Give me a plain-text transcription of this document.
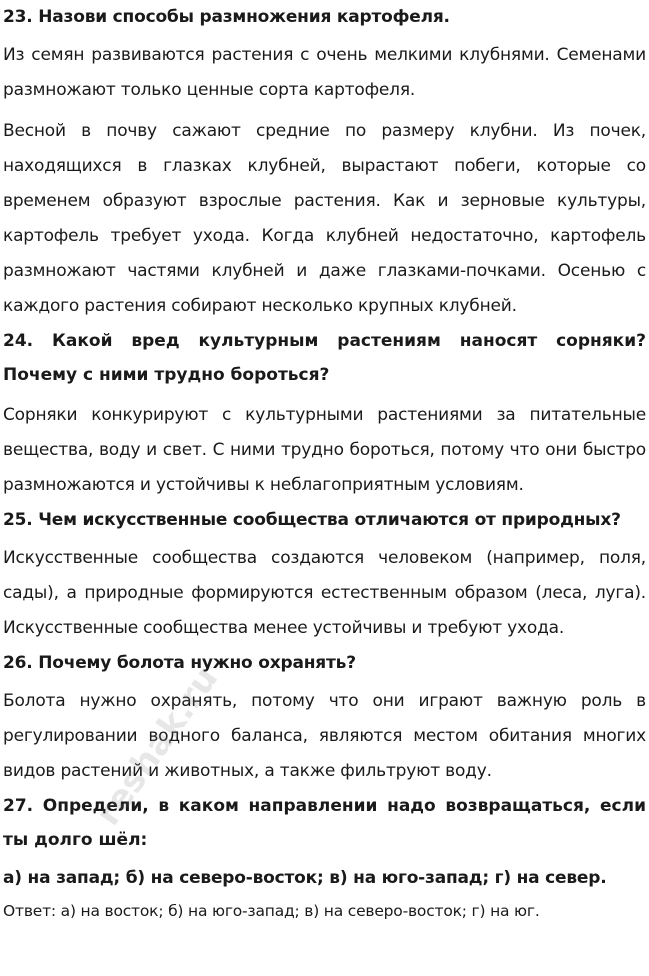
23. Назови способы размножения картофеля.

Из семян развиваются растения с очень мелкими клубнями. Семенами размножают только ценные сорта картофеля.

Весной в почву сажают средние по размеру клубни. Из почек, находящихся в глазках клубней, вырастают побеги, которые со временем образуют взрослые растения. Как и зерновые культуры, картофель требует ухода. Когда клубней недостаточно, картофель размножают частями клубней и даже глазками-почками. Осенью с каждого растения собирают несколько крупных клубней.

24. Какой вред культурным растениям наносят сорняки? Почему с ними трудно бороться?

Сорняки конкурируют с культурными растениями за питательные вещества, воду и свет. С ними трудно бороться, потому что они быстро размножаются и устойчивы к неблагоприятным условиям.

25. Чем искусственные сообщества отличаются от природных?

Искусственные сообщества создаются человеком (например, поля, сады), а природные формируются естественным образом (леса, луга). Искусственные сообщества менее устойчивы и требуют ухода.

26. Почему болота нужно охранять?

Болота нужно охранять, потому что они играют важную роль в регулировании водного баланса, являются местом обитания многих видов растений и животных, а также фильтруют воду.

27. Определи, в каком направлении надо возвращаться, если ты долго шёл:

а) на запад; б) на северо-восток; в) на юго-запад; г) на север.

Ответ: а) на восток; б) на юго-запад; в) на северо-восток; г) на юг.

reshak.ru
